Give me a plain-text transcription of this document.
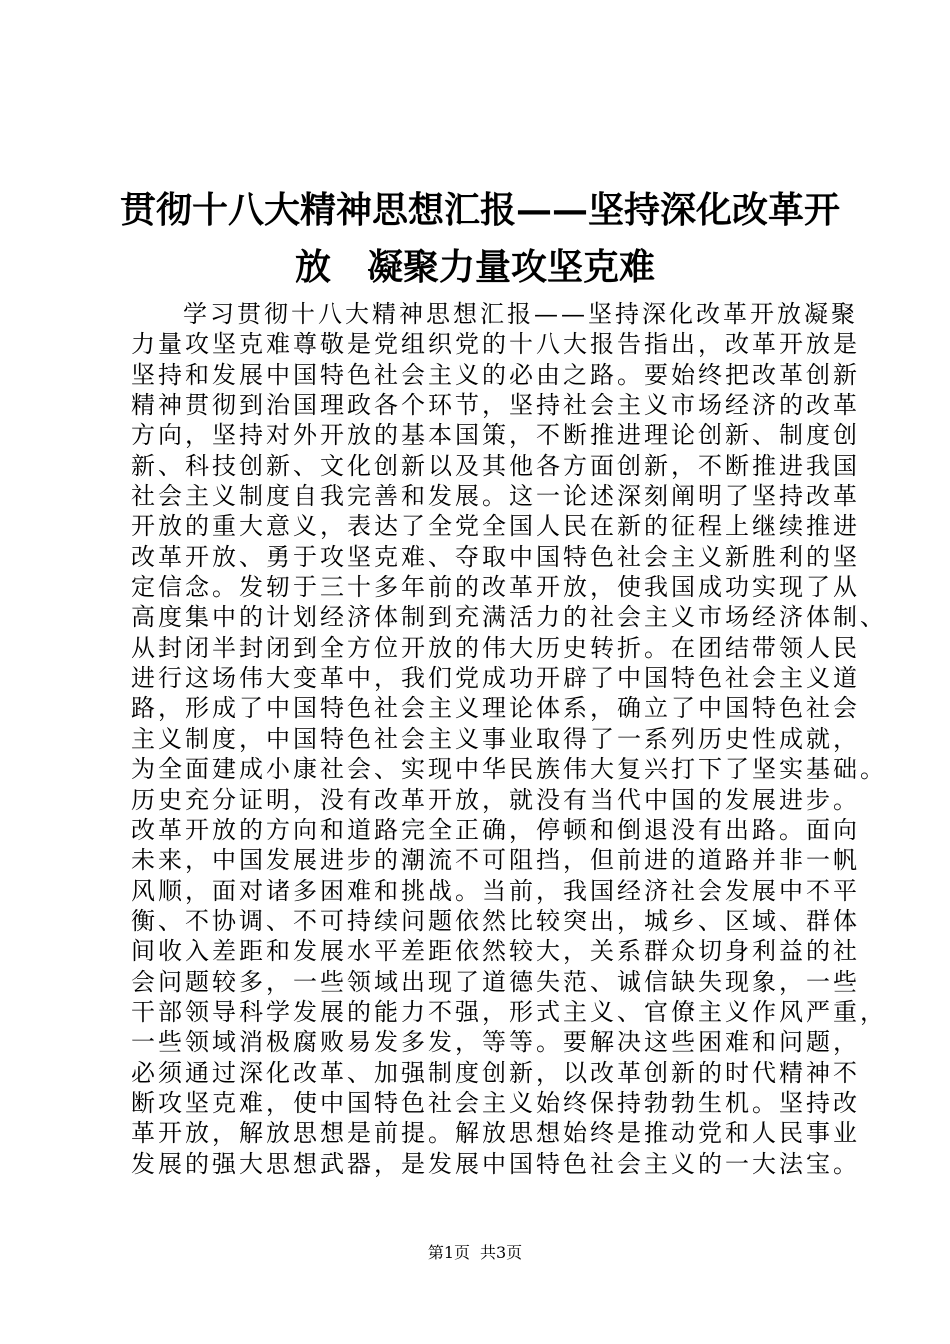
贯彻十八大精神思想汇报——坚持深化改革开
放　凝聚力量攻坚克难
学习贯彻十八大精神思想汇报——坚持深化改革开放凝聚
力量攻坚克难尊敬是党组织党的十八大报告指出，改革开放是
坚持和发展中国特色社会主义的必由之路。要始终把改革创新
精神贯彻到治国理政各个环节，坚持社会主义市场经济的改革
方向，坚持对外开放的基本国策，不断推进理论创新、制度创
新、科技创新、文化创新以及其他各方面创新，不断推进我国
社会主义制度自我完善和发展。这一论述深刻阐明了坚持改革
开放的重大意义，表达了全党全国人民在新的征程上继续推进
改革开放、勇于攻坚克难、夺取中国特色社会主义新胜利的坚
定信念。发轫于三十多年前的改革开放，使我国成功实现了从
高度集中的计划经济体制到充满活力的社会主义市场经济体制、
从封闭半封闭到全方位开放的伟大历史转折。在团结带领人民
进行这场伟大变革中，我们党成功开辟了中国特色社会主义道
路，形成了中国特色社会主义理论体系，确立了中国特色社会
主义制度，中国特色社会主义事业取得了一系列历史性成就，
为全面建成小康社会、实现中华民族伟大复兴打下了坚实基础。
历史充分证明，没有改革开放，就没有当代中国的发展进步。
改革开放的方向和道路完全正确，停顿和倒退没有出路。面向
未来，中国发展进步的潮流不可阻挡，但前进的道路并非一帆
风顺，面对诸多困难和挑战。当前，我国经济社会发展中不平
衡、不协调、不可持续问题依然比较突出，城乡、区域、群体
间收入差距和发展水平差距依然较大，关系群众切身利益的社
会问题较多，一些领域出现了道德失范、诚信缺失现象，一些
干部领导科学发展的能力不强，形式主义、官僚主义作风严重，
一些领域消极腐败易发多发，等等。要解决这些困难和问题，
必须通过深化改革、加强制度创新，以改革创新的时代精神不
断攻坚克难，使中国特色社会主义始终保持勃勃生机。坚持改
革开放，解放思想是前提。解放思想始终是推动党和人民事业
发展的强大思想武器，是发展中国特色社会主义的一大法宝。
第1页 共3页
